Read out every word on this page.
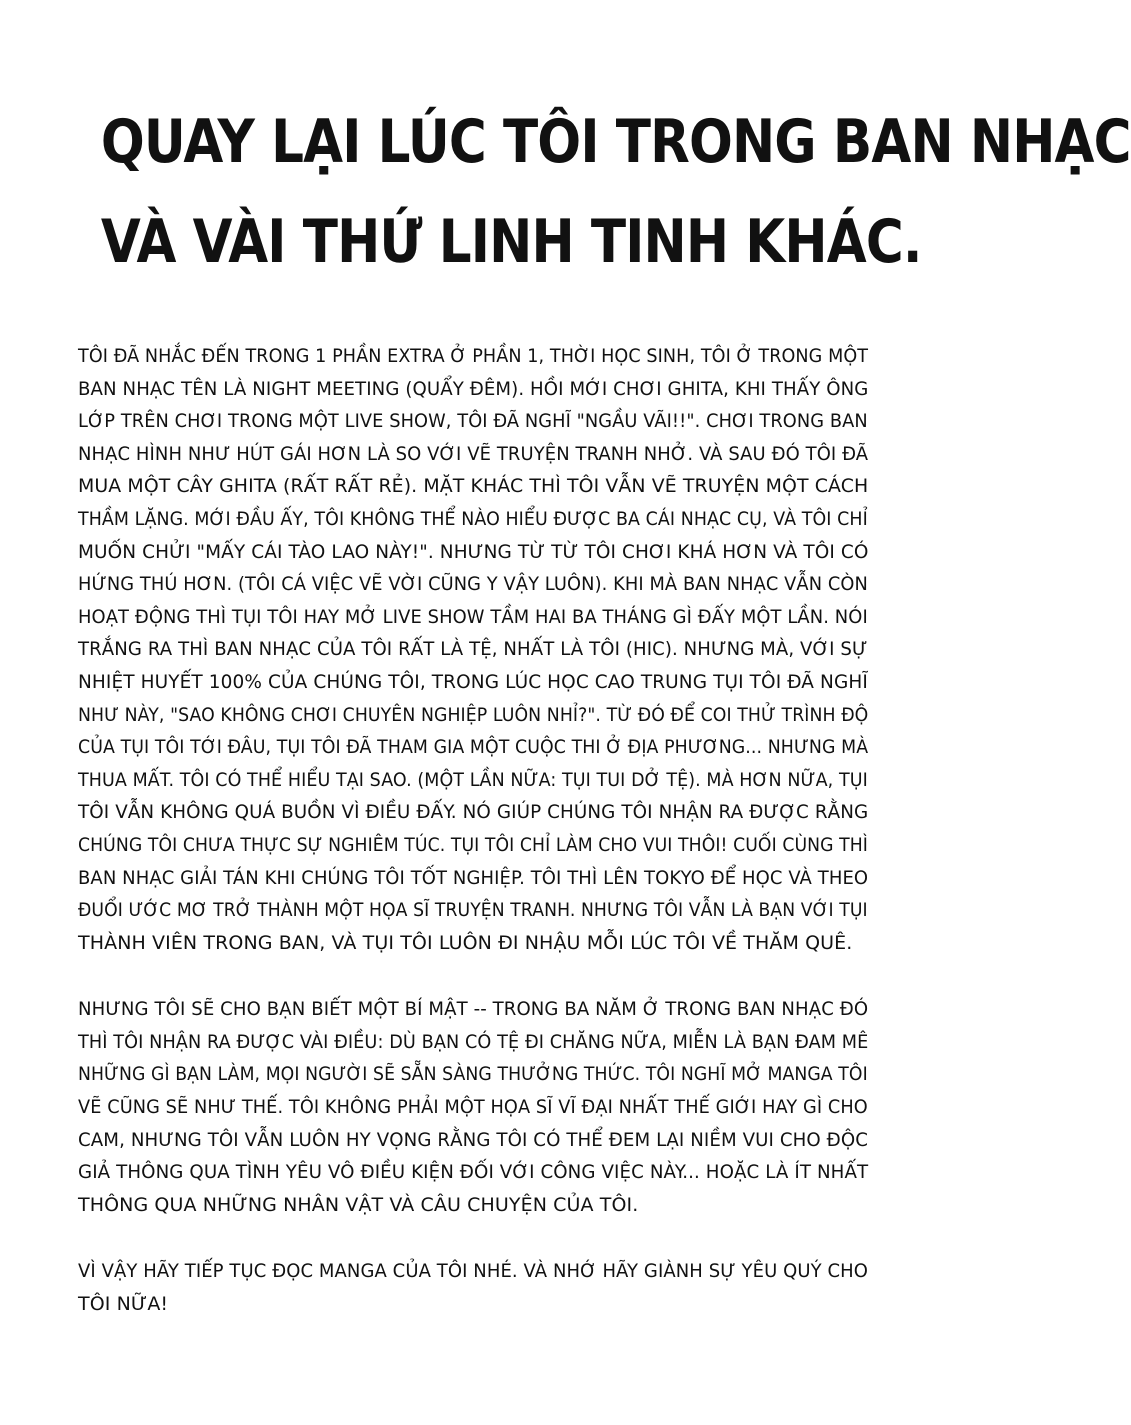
QUAY LẠI LÚC TÔI TRONG BAN NHẠC
VÀ VÀI THỨ LINH TINH KHÁC.

TÔI ĐÃ NHẮC ĐẾN TRONG 1 PHẦN EXTRA Ở PHẦN 1, THỜI HỌC SINH, TÔI Ở TRONG MỘT
BAN NHẠC TÊN LÀ NIGHT MEETING (QUẨY ĐÊM). HỒI MỚI CHƠI GHITA, KHI THẤY ÔNG
LỚP TRÊN CHƠI TRONG MỘT LIVE SHOW, TÔI ĐÃ NGHĨ "NGẦU VÃI!!". CHƠI TRONG BAN
NHẠC HÌNH NHƯ HÚT GÁI HƠN LÀ SO VỚI VẼ TRUYỆN TRANH NHỞ. VÀ SAU ĐÓ TÔI ĐÃ
MUA MỘT CÂY GHITA (RẤT RẤT RẺ). MẶT KHÁC THÌ TÔI VẪN VẼ TRUYỆN MỘT CÁCH
THẦM LẶNG. MỚI ĐẦU ẤY, TÔI KHÔNG THỂ NÀO HIỂU ĐƯỢC BA CÁI NHẠC CỤ, VÀ TÔI CHỈ
MUỐN CHỬI "MẤY CÁI TÀO LAO NÀY!". NHƯNG TỪ TỪ TÔI CHƠI KHÁ HƠN VÀ TÔI CÓ
HỨNG THÚ HƠN. (TÔI CÁ VIỆC VẼ VỜI CŨNG Y VẬY LUÔN). KHI MÀ BAN NHẠC VẪN CÒN
HOẠT ĐỘNG THÌ TỤI TÔI HAY MỞ LIVE SHOW TẦM HAI BA THÁNG GÌ ĐẤY MỘT LẦN. NÓI
TRẮNG RA THÌ BAN NHẠC CỦA TÔI RẤT LÀ TỆ, NHẤT LÀ TÔI (HIC). NHƯNG MÀ, VỚI SỰ
NHIỆT HUYẾT 100% CỦA CHÚNG TÔI, TRONG LÚC HỌC CAO TRUNG TỤI TÔI ĐÃ NGHĨ
NHƯ NÀY, "SAO KHÔNG CHƠI CHUYÊN NGHIỆP LUÔN NHỈ?". TỪ ĐÓ ĐỂ COI THỬ TRÌNH ĐỘ
CỦA TỤI TÔI TỚI ĐÂU, TỤI TÔI ĐÃ THAM GIA MỘT CUỘC THI Ở ĐỊA PHƯƠNG... NHƯNG MÀ
THUA MẤT. TÔI CÓ THỂ HIỂU TẠI SAO. (MỘT LẦN NỮA: TỤI TUI DỞ TỆ). MÀ HƠN NỮA, TỤI
TÔI VẪN KHÔNG QUÁ BUỒN VÌ ĐIỀU ĐẤY. NÓ GIÚP CHÚNG TÔI NHẬN RA ĐƯỢC RẰNG
CHÚNG TÔI CHƯA THỰC SỰ NGHIÊM TÚC. TỤI TÔI CHỈ LÀM CHO VUI THÔI! CUỐI CÙNG THÌ
BAN NHẠC GIẢI TÁN KHI CHÚNG TÔI TỐT NGHIỆP. TÔI THÌ LÊN TOKYO ĐỂ HỌC VÀ THEO
ĐUỔI ƯỚC MƠ TRỞ THÀNH MỘT HỌA SĨ TRUYỆN TRANH. NHƯNG TÔI VẪN LÀ BẠN VỚI TỤI
THÀNH VIÊN TRONG BAN, VÀ TỤI TÔI LUÔN ĐI NHẬU MỖI LÚC TÔI VỀ THĂM QUÊ.

NHƯNG TÔI SẼ CHO BẠN BIẾT MỘT BÍ MẬT -- TRONG BA NĂM Ở TRONG BAN NHẠC ĐÓ
THÌ TÔI NHẬN RA ĐƯỢC VÀI ĐIỀU: DÙ BẠN CÓ TỆ ĐI CHĂNG NỮA, MIỄN LÀ BẠN ĐAM MÊ
NHỮNG GÌ BẠN LÀM, MỌI NGƯỜI SẼ SẴN SÀNG THƯỞNG THỨC. TÔI NGHĨ MỞ MANGA TÔI
VẼ CŨNG SẼ NHƯ THẾ. TÔI KHÔNG PHẢI MỘT HỌA SĨ VĨ ĐẠI NHẤT THẾ GIỚI HAY GÌ CHO
CAM, NHƯNG TÔI VẪN LUÔN HY VỌNG RẰNG TÔI CÓ THỂ ĐEM LẠI NIỀM VUI CHO ĐỘC
GIẢ THÔNG QUA TÌNH YÊU VÔ ĐIỀU KIỆN ĐỐI VỚI CÔNG VIỆC NÀY... HOẶC LÀ ÍT NHẤT
THÔNG QUA NHỮNG NHÂN VẬT VÀ CÂU CHUYỆN CỦA TÔI.

VÌ VẬY HÃY TIẾP TỤC ĐỌC MANGA CỦA TÔI NHÉ. VÀ NHỚ HÃY GIÀNH SỰ YÊU QUÝ CHO
TÔI NỮA!
